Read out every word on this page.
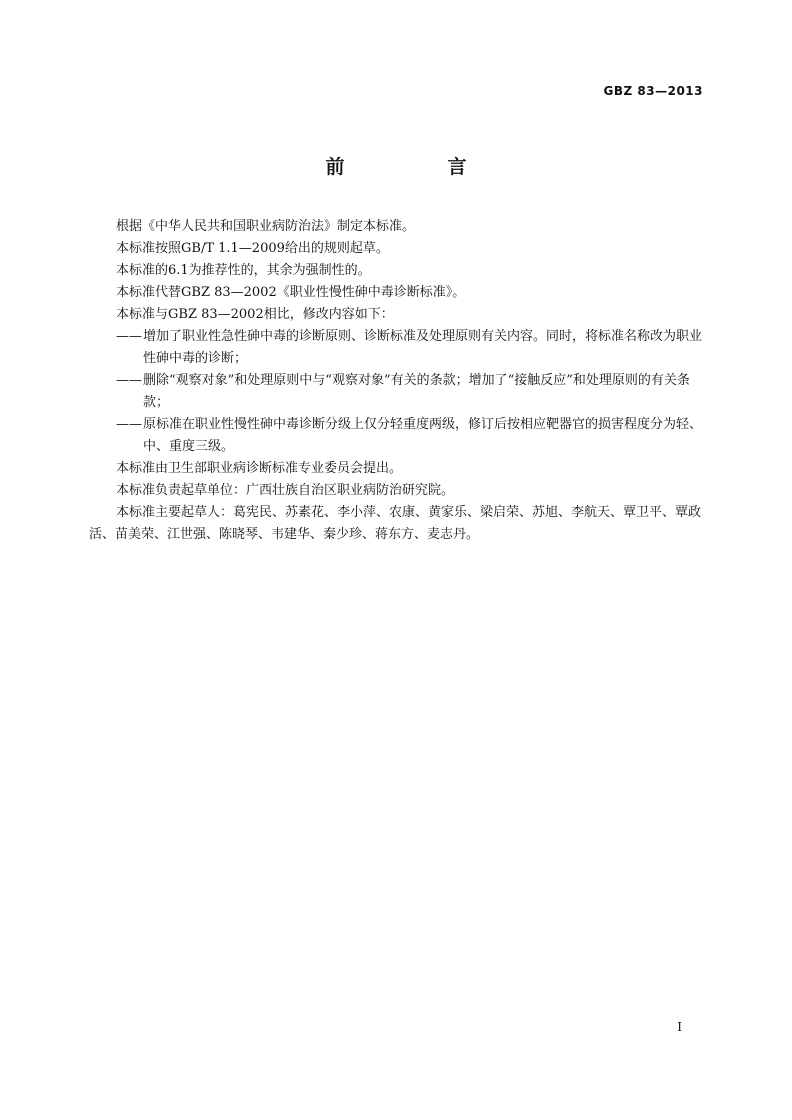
GBZ 83—2013
前　言

根据《中华人民共和国职业病防治法》制定本标准。

本标准按照GB/T 1.1—2009给出的规则起草。

本标准的6.1为推荐性的，其余为强制性的。

本标准代替GBZ 83—2002《职业性慢性砷中毒诊断标准》。

本标准与GBZ 83—2002相比，修改内容如下：

—— 增加了职业性急性砷中毒的诊断原则、诊断标准及处理原则有关内容。同时，将标准名称改为职业性砷中毒的诊断；

—— 删除“观察对象”和处理原则中与“观察对象”有关的条款；增加了“接触反应”和处理原则的有关条款；

—— 原标准在职业性慢性砷中毒诊断分级上仅分轻重度两级，修订后按相应靶器官的损害程度分为轻、中、重度三级。

本标准由卫生部职业病诊断标准专业委员会提出。

本标准负责起草单位：广西壮族自治区职业病防治研究院。

本标准主要起草人：葛宪民、苏素花、李小萍、农康、黄家乐、梁启荣、苏旭、李航天、覃卫平、覃政活、苗美荣、江世强、陈晓琴、韦建华、秦少珍、蒋东方、麦志丹。

I
